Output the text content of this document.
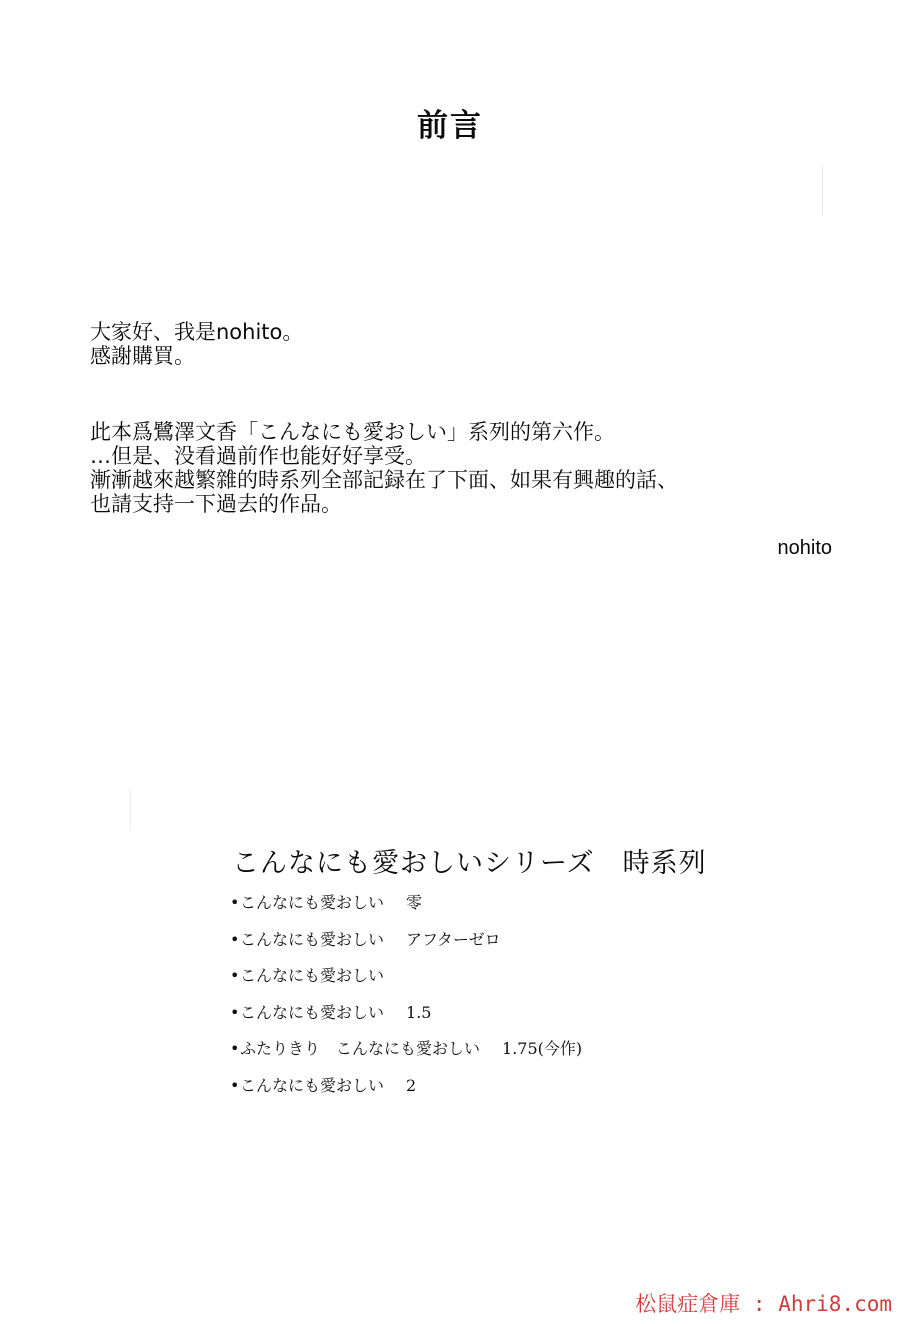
前言
大家好、我是nohito。
感謝購買。
此本爲鷺澤文香「こんなにも愛おしい」系列的第六作。
…但是、没看過前作也能好好享受。
漸漸越來越繁雜的時系列全部記録在了下面、如果有興趣的話、
也請支持一下過去的作品。
nohito
こんなにも愛おしいシリーズ　時系列
•こんなにも愛おしい 零
•こんなにも愛おしい アフターゼロ
•こんなにも愛おしい
•こんなにも愛おしい 1.5
•ふたりきり　こんなにも愛おしい 1.75(今作)
•こんなにも愛おしい 2
松鼠症倉庫 : Ahri8.com
